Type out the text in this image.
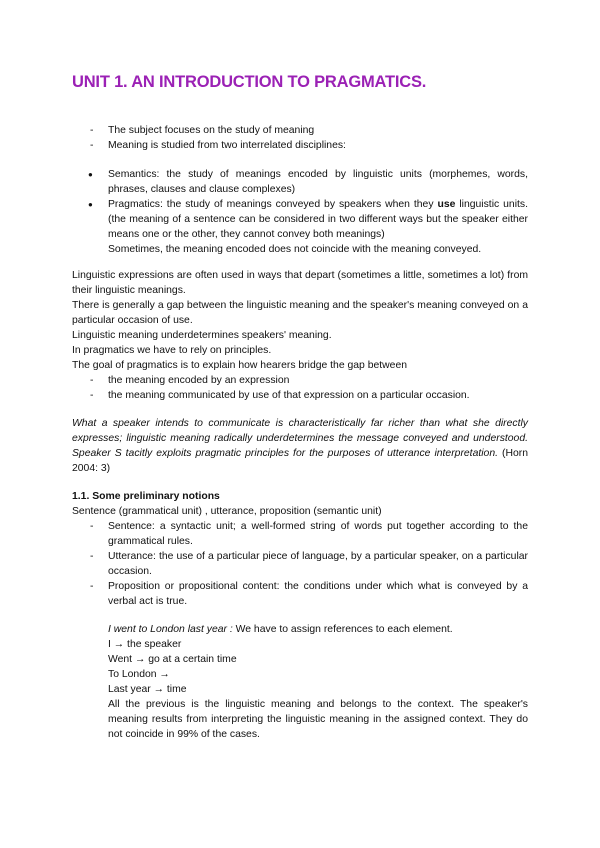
UNIT 1. AN INTRODUCTION TO PRAGMATICS.
- The subject focuses on the study of meaning
- Meaning is studied from two interrelated disciplines:
● Semantics: the study of meanings encoded by linguistic units (morphemes, words, phrases, clauses and clause complexes)
● Pragmatics: the study of meanings conveyed by speakers when they use linguistic units. (the meaning of a sentence can be considered in two different ways but the speaker either means one or the other, they cannot convey both meanings)

Sometimes, the meaning encoded does not coincide with the meaning conveyed.

Linguistic expressions are often used in ways that depart (sometimes a little, sometimes a lot) from their linguistic meanings.

There is generally a gap between the linguistic meaning and the speaker's meaning conveyed on a particular occasion of use.

Linguistic meaning underdetermines speakers' meaning.

In pragmatics we have to rely on principles.

The goal of pragmatics is to explain how hearers bridge the gap between

- the meaning encoded by an expression
- the meaning communicated by use of that expression on a particular occasion.

What a speaker intends to communicate is characteristically far richer than what she directly expresses; linguistic meaning radically underdetermines the message conveyed and understood. Speaker S tacitly exploits pragmatic principles for the purposes of utterance interpretation. (Horn 2004: 3)

1.1. Some preliminary notions

Sentence (grammatical unit) , utterance, proposition (semantic unit)

- Sentence: a syntactic unit; a well-formed string of words put together according to the grammatical rules.
- Utterance: the use of a particular piece of language, by a particular speaker, on a particular occasion.
- Proposition or propositional content: the conditions under which what is conveyed by a verbal act is true.

I went to London last year : We have to assign references to each element.

I → the speaker

Went → go at a certain time

To London →

Last year → time

All the previous is the linguistic meaning and belongs to the context. The speaker's meaning results from interpreting the linguistic meaning in the assigned context. They do not coincide in 99% of the cases.
